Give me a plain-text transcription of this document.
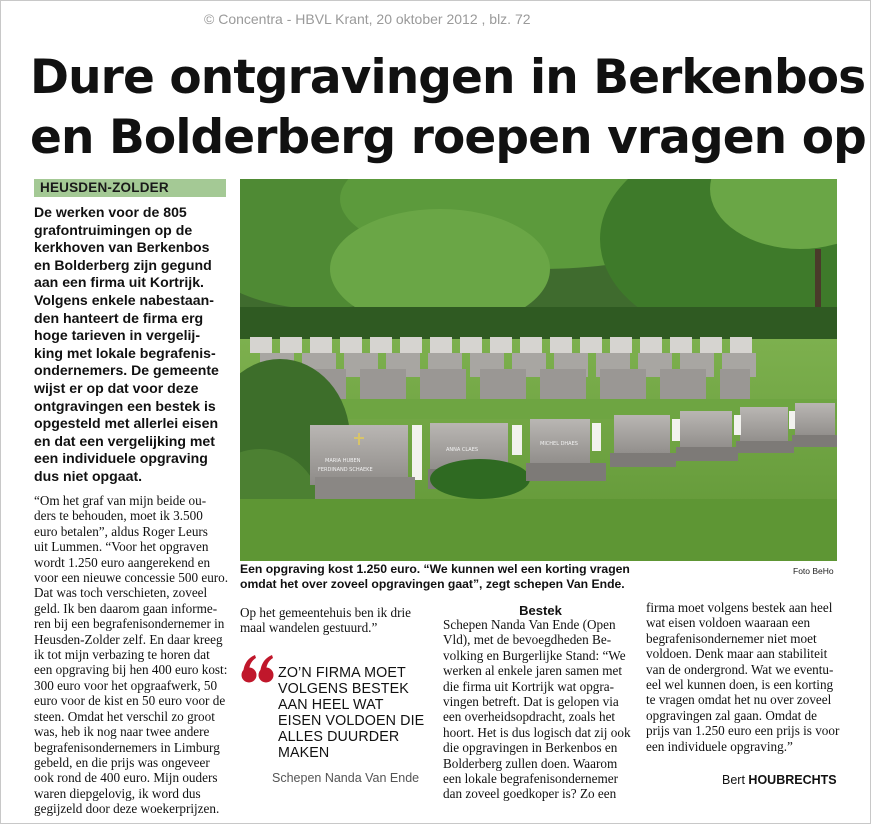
© Concentra - HBVL Krant, 20 oktober 2012 , blz. 72
Dure ontgravingen in Berkenbos
en Bolderberg roepen vragen op
HEUSDEN-ZOLDER
De werken voor de 805
grafontruimingen op de
kerkhoven van Berkenbos
en Bolderberg zijn gegund
aan een firma uit Kortrijk.
Volgens enkele nabestaan-
den hanteert de firma erg
hoge tarieven in vergelij-
king met lokale begrafenis-
ondernemers. De gemeente
wijst er op dat voor deze
ontgravingen een bestek is
opgesteld met allerlei eisen
en dat een vergelijking met
een individuele opgraving
dus niet opgaat.
MARIA HUBEN
FERDINAND SCHAEKE
ANNA CLAES
MICHEL DHAES
Een opgraving kost 1.250 euro. “We kunnen wel een korting vragen
omdat het over zoveel opgravingen gaat”, zegt schepen Van Ende.
Foto BeHo
“Om het graf van mijn beide ou-
ders te behouden, moet ik 3.500
euro betalen”, aldus Roger Leurs
uit Lummen. “Voor het opgraven
wordt 1.250 euro aangerekend en
voor een nieuwe concessie 500 euro.
Dat was toch verschieten, zoveel
geld. Ik ben daarom gaan informe-
ren bij een begrafenisondernemer in
Heusden-Zolder zelf. En daar kreeg
ik tot mijn verbazing te horen dat
een opgraving bij hen 400 euro kost:
300 euro voor het opgraafwerk, 50
euro voor de kist en 50 euro voor de
steen. Omdat het verschil zo groot
was, heb ik nog naar twee andere
begrafenisondernemers in Limburg
gebeld, en die prijs was ongeveer
ook rond de 400 euro. Mijn ouders
waren diepgelovig, ik word dus
gegijzeld door deze woekerprijzen.
Op het gemeentehuis ben ik drie
maal wandelen gestuurd.”
ZO’N FIRMA MOET
VOLGENS BESTEK
AAN HEEL WAT
EISEN VOLDOEN DIE
ALLES DUURDER
MAKEN
Schepen Nanda Van Ende
Bestek
Schepen Nanda Van Ende (Open
Vld), met de bevoegdheden Be-
volking en Burgerlijke Stand: “We
werken al enkele jaren samen met
die firma uit Kortrijk wat opgra-
vingen betreft. Dat is gelopen via
een overheidsopdracht, zoals het
hoort. Het is dus logisch dat zij ook
die opgravingen in Berkenbos en
Bolderberg zullen doen. Waarom
een lokale begrafenisondernemer
dan zoveel goedkoper is? Zo een
firma moet volgens bestek aan heel
wat eisen voldoen waaraan een
begrafenisondernemer niet moet
voldoen. Denk maar aan stabiliteit
van de ondergrond. Wat we eventu-
eel wel kunnen doen, is een korting
te vragen omdat het nu over zoveel
opgravingen zal gaan. Omdat de
prijs van 1.250 euro een prijs is voor
een individuele opgraving.”
Bert HOUBRECHTS
